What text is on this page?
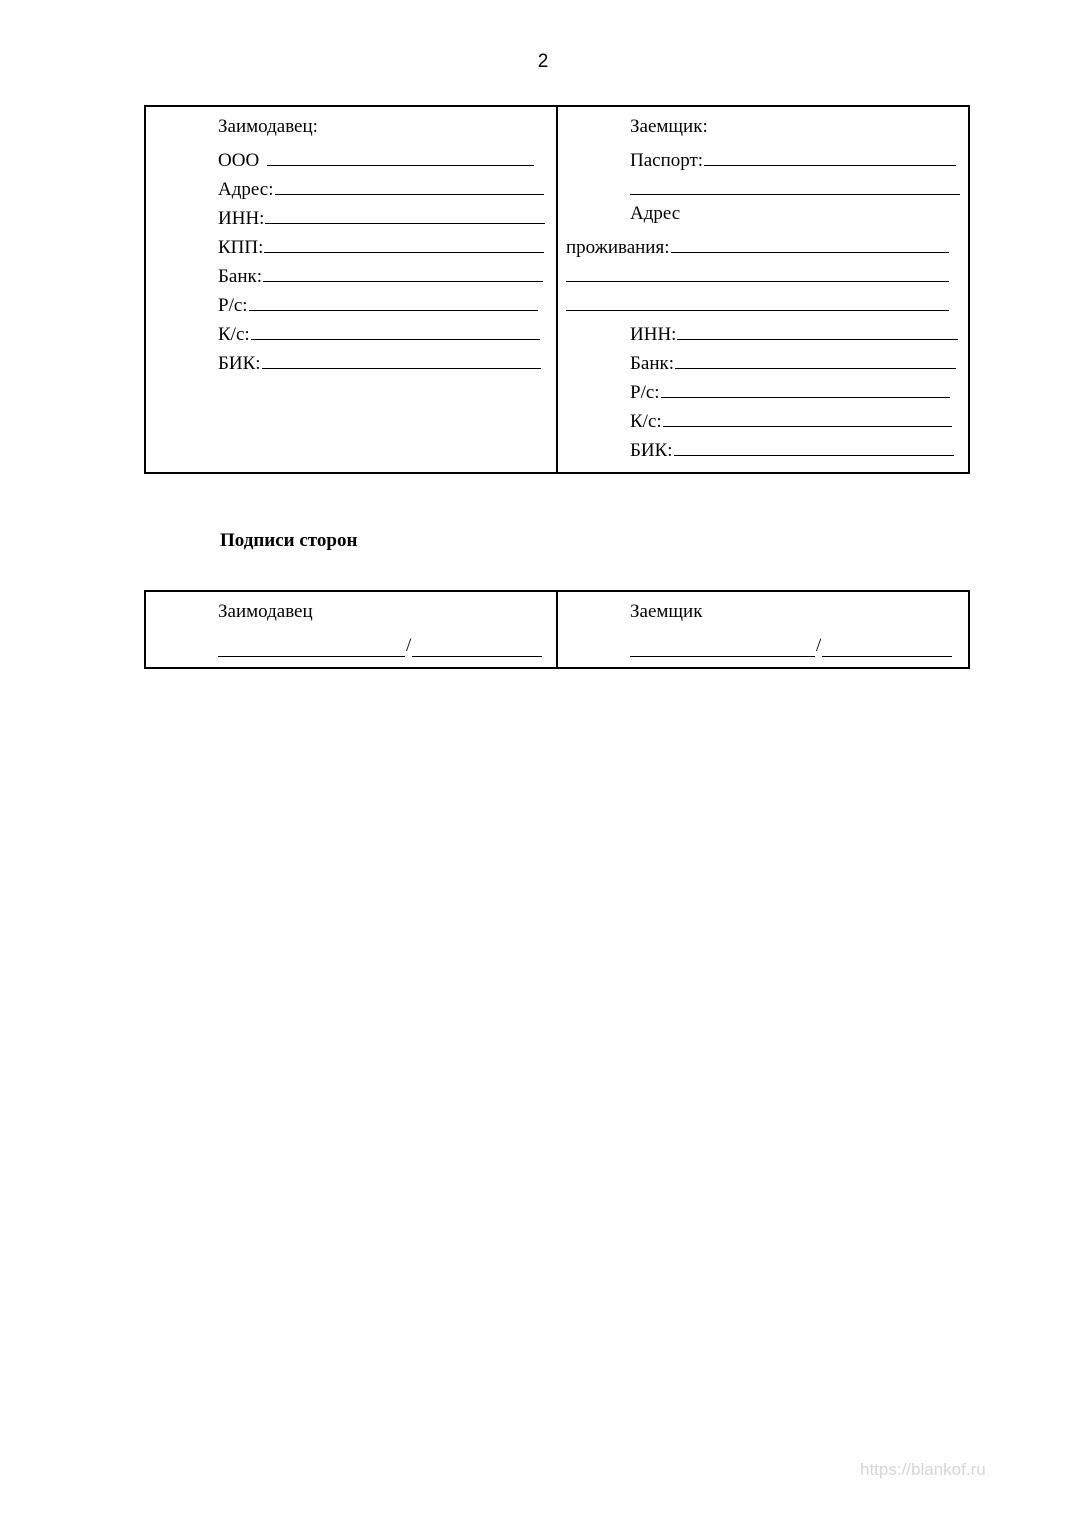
2
Заимодавец:
ООО
Адрес:
ИНН:
КПП:
Банк:
Р/с:
К/с:
БИК:
Заемщик:
Паспорт:
Адрес
проживания:
ИНН:
Банк:
Р/с:
К/с:
БИК:
Подписи сторон
Заимодавец
/
Заемщик
/
https://blankof.ru
